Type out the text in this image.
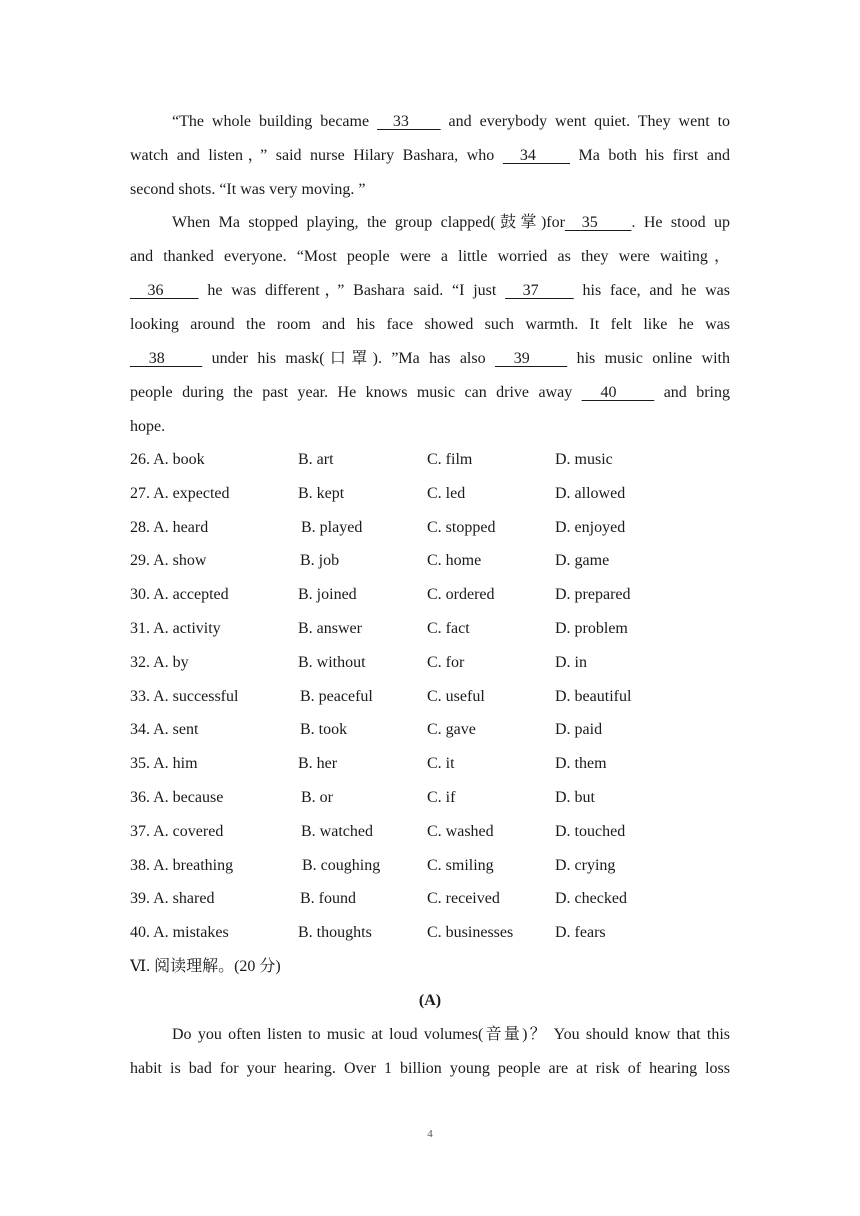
“The whole building became   33     and everybody went quiet. They went to
watch and listen，” said nurse Hilary Bashara, who   34     Ma both his first and
second shots. “It was very moving. ”

When Ma stopped playing, the group clapped(鼓掌)for  35    . He stood up
and thanked everyone. “Most people were a little worried as they were waiting，
36     he was different，” Bashara said. “I just   37     his face, and he was
looking around the room and his face showed such warmth. It felt like he was
38     under his mask(口罩). ”Ma has also   39     his music online with
people during the past year. He knows music can drive away   40     and bring
hope.

26. A. book	B. art	C. film	D. music
27. A. expected	B. kept	C. led	D. allowed
28. A. heard	B. played	C. stopped	D. enjoyed
29. A. show	B. job	C. home	D. game
30. A. accepted	B. joined	C. ordered	D. prepared
31. A. activity	B. answer	C. fact	D. problem
32. A. by	B. without	C. for	D. in
33. A. successful	B. peaceful	C. useful	D. beautiful
34. A. sent	B. took	C. gave	D. paid
35. A. him	B. her	C. it	D. them
36. A. because	B. or	C. if	D. but
37. A. covered	B. watched	C. washed	D. touched
38. A. breathing	B. coughing	C. smiling	D. crying
39. A. shared	B. found	C. received	D. checked
40. A. mistakes	B. thoughts	C. businesses	D. fears

Ⅵ. 阅读理解。(20 分)

(A)

Do you often listen to music at loud volumes(音量)？ You should know that this
habit is bad for your hearing. Over 1 billion young people are at risk of hearing loss

4
